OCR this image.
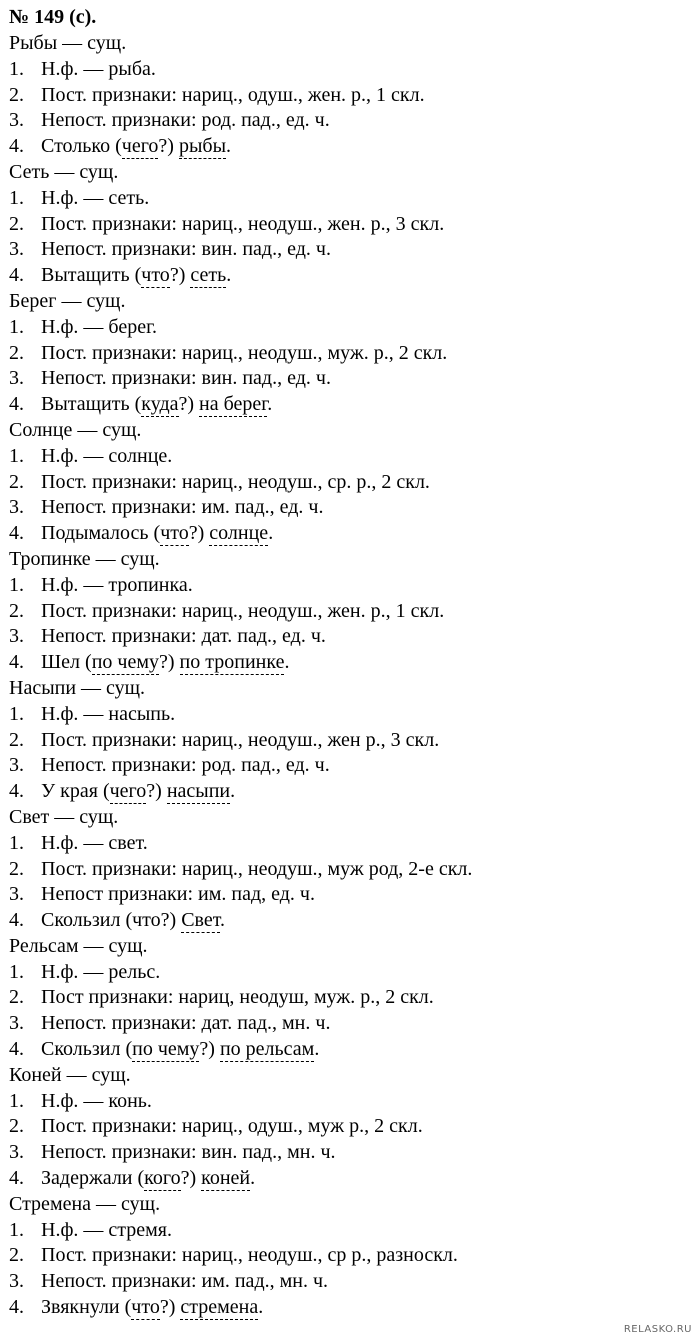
№ 149 (с).
Рыбы — сущ.
1. Н.ф. — рыба.
2. Пост. признаки: нариц., одуш., жен. р., 1 скл.
3. Непост. признаки: род. пад., ед. ч.
4. Столько (чего?) рыбы.
Сеть — сущ.
1. Н.ф. — сеть.
2. Пост. признаки: нариц., неодуш., жен. р., 3 скл.
3. Непост. признаки: вин. пад., ед. ч.
4. Вытащить (что?) сеть.
Берег — сущ.
1. Н.ф. — берег.
2. Пост. признаки: нариц., неодуш., муж. р., 2 скл.
3. Непост. признаки: вин. пад., ед. ч.
4. Вытащить (куда?) на берег.
Солнце — сущ.
1. Н.ф. — солнце.
2. Пост. признаки: нариц., неодуш., ср. р., 2 скл.
3. Непост. признаки: им. пад., ед. ч.
4. Подымалось (что?) солнце.
Тропинке — сущ.
1. Н.ф. — тропинка.
2. Пост. признаки: нариц., неодуш., жен. р., 1 скл.
3. Непост. признаки: дат. пад., ед. ч.
4. Шел (по чему?) по тропинке.
Насыпи — сущ.
1. Н.ф. — насыпь.
2. Пост. признаки: нариц., неодуш., жен р., 3 скл.
3. Непост. признаки: род. пад., ед. ч.
4. У края (чего?) насыпи.
Свет — сущ.
1. Н.ф. — свет.
2. Пост. признаки: нариц., неодуш., муж род, 2-е скл.
3. Непост признаки: им. пад, ед. ч.
4. Скользил (что?) Свет.
Рельсам — сущ.
1. Н.ф. — рельс.
2. Пост признаки: нариц, неодуш, муж. р., 2 скл.
3. Непост. признаки: дат. пад., мн. ч.
4. Скользил (по чему?) по рельсам.
Коней — сущ.
1. Н.ф. — конь.
2. Пост. признаки: нариц., одуш., муж р., 2 скл.
3. Непост. признаки: вин. пад., мн. ч.
4. Задержали (кого?) коней.
Стремена — сущ.
1. Н.ф. — стремя.
2. Пост. признаки: нариц., неодуш., ср р., разноскл.
3. Непост. признаки: им. пад., мн. ч.
4. Звякнули (что?) стремена.
RELASKO.RU
